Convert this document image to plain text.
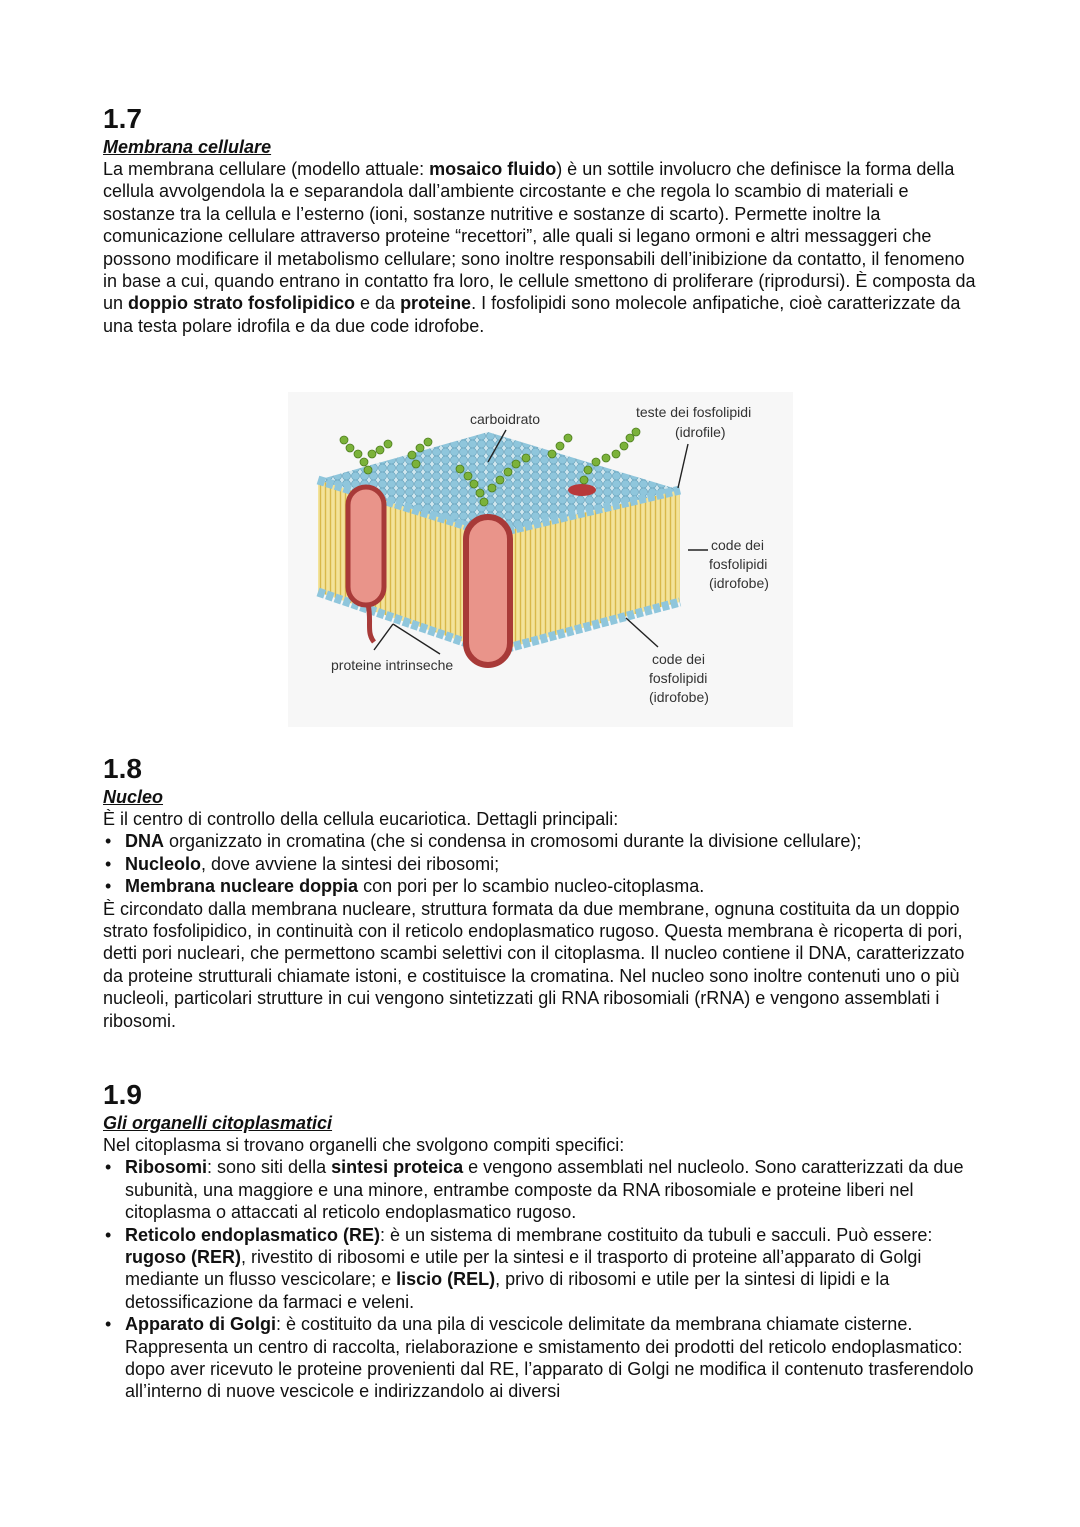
1.7
Membrana cellulare

La membrana cellulare (modello attuale: mosaico fluido) è un sottile involucro che definisce la forma della cellula avvolgendola la e separandola dall’ambiente circostante e che regola lo scambio di materiali e sostanze tra la cellula e l’esterno (ioni, sostanze nutritive e sostanze di scarto). Permette inoltre la comunicazione cellulare attraverso proteine “recettori”, alle quali si legano ormoni e altri messaggeri che possono modificare il metabolismo cellulare; sono inoltre responsabili dell’inibizione da contatto, il fenomeno in base a cui, quando entrano in contatto fra loro, le cellule smettono di proliferare (riprodursi). È composta da un doppio strato fosfolipidico e da proteine. I fosfolipidi sono molecole anfipatiche, cioè caratterizzate da una testa polare idrofila e da due code idrofobe.

carboidrato	teste dei fosfolipidi
(idrofile)
code dei
fosfolipidi
(idrofobe)
proteine intrinseche	code dei
fosfolipidi
(idrofobe)
1.8
Nucleo

È il centro di controllo della cellula eucariotica. Dettagli principali:

• DNA organizzato in cromatina (che si condensa in cromosomi durante la divisione cellulare);
• Nucleolo, dove avviene la sintesi dei ribosomi;
• Membrana nucleare doppia con pori per lo scambio nucleo-citoplasma.

È circondato dalla membrana nucleare, struttura formata da due membrane, ognuna costituita da un doppio strato fosfolipidico, in continuità con il reticolo endoplasmatico rugoso. Questa membrana è ricoperta di pori, detti pori nucleari, che permettono scambi selettivi con il citoplasma. Il nucleo contiene il DNA, caratterizzato da proteine strutturali chiamate istoni, e costituisce la cromatina. Nel nucleo sono inoltre contenuti uno o più nucleoli, particolari strutture in cui vengono sintetizzati gli RNA ribosomiali (rRNA) e vengono assemblati i ribosomi.

1.9
Gli organelli citoplasmatici

Nel citoplasma si trovano organelli che svolgono compiti specifici:

• Ribosomi: sono siti della sintesi proteica e vengono assemblati nel nucleolo. Sono caratterizzati da due subunità, una maggiore e una minore, entrambe composte da RNA ribosomiale e proteine liberi nel citoplasma o attaccati al reticolo endoplasmatico rugoso.
• Reticolo endoplasmatico (RE): è un sistema di membrane costituito da tubuli e sacculi. Può essere: rugoso (RER), rivestito di ribosomi e utile per la sintesi e il trasporto di proteine all’apparato di Golgi mediante un flusso vescicolare; e liscio (REL), privo di ribosomi e utile per la sintesi di lipidi e la detossificazione da farmaci e veleni.
• Apparato di Golgi: è costituito da una pila di vescicole delimitate da membrana chiamate cisterne. Rappresenta un centro di raccolta, rielaborazione e smistamento dei prodotti del reticolo endoplasmatico: dopo aver ricevuto le proteine provenienti dal RE, l’apparato di Golgi ne modifica il contenuto trasferendolo all’interno di nuove vescicole e indirizzandolo ai diversi
